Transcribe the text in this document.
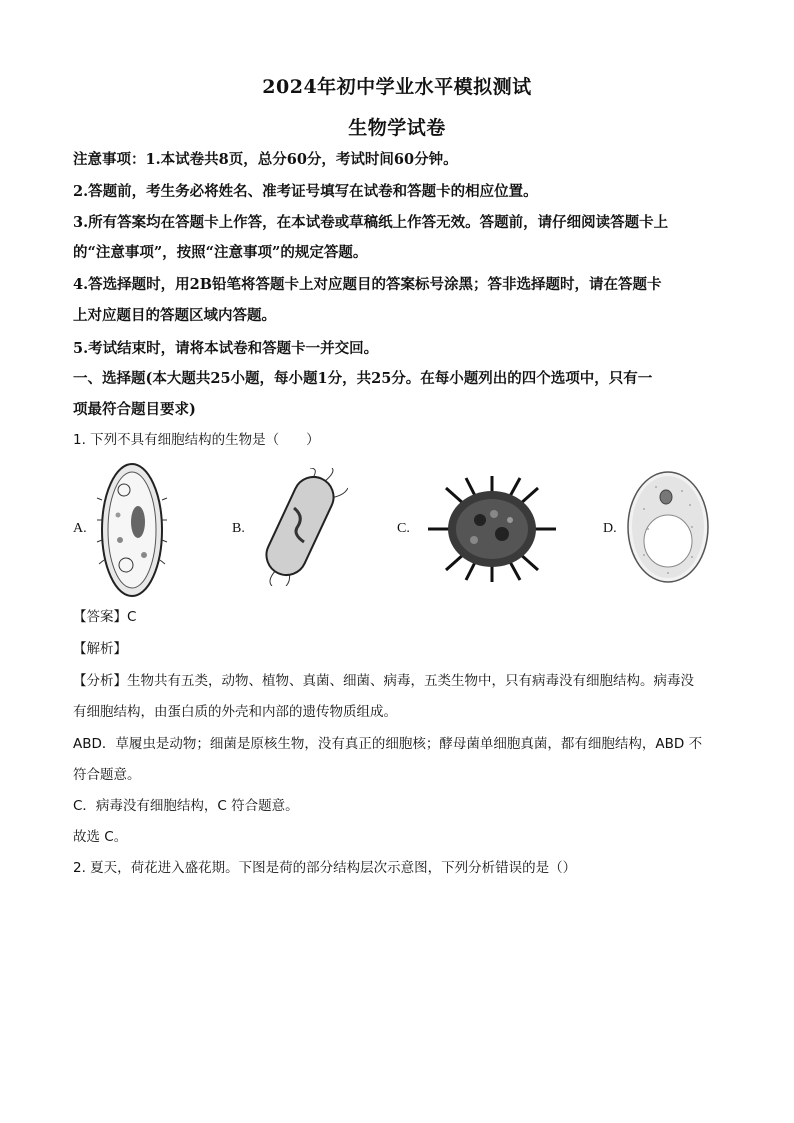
2024年初中学业水平模拟测试
生物学试卷
注意事项：1.本试卷共8页，总分60分，考试时间60分钟。
2.答题前，考生务必将姓名、准考证号填写在试卷和答题卡的相应位置。
3.所有答案均在答题卡上作答，在本试卷或草稿纸上作答无效。答题前，请仔细阅读答题卡上
的“注意事项”，按照“注意事项”的规定答题。
4.答选择题时，用2B铅笔将答题卡上对应题目的答案标号涂黑；答非选择题时，请在答题卡
上对应题目的答题区域内答题。
5.考试结束时，请将本试卷和答题卡一并交回。
一、选择题(本大题共25小题，每小题1分，共25分。在每小题列出的四个选项中，只有一
项最符合题目要求)
1. 下列不具有细胞结构的生物是（　　）
A.	B.	C.	D.
【答案】C
【解析】
【分析】生物共有五类，动物、植物、真菌、细菌、病毒，五类生物中，只有病毒没有细胞结构。病毒没
有细胞结构，由蛋白质的外壳和内部的遗传物质组成。
ABD．草履虫是动物；细菌是原核生物，没有真正的细胞核；酵母菌单细胞真菌，都有细胞结构，ABD 不
符合题意。
C．病毒没有细胞结构，C 符合题意。
故选 C。
2. 夏天，荷花进入盛花期。下图是荷的部分结构层次示意图，下列分析错误的是（）
